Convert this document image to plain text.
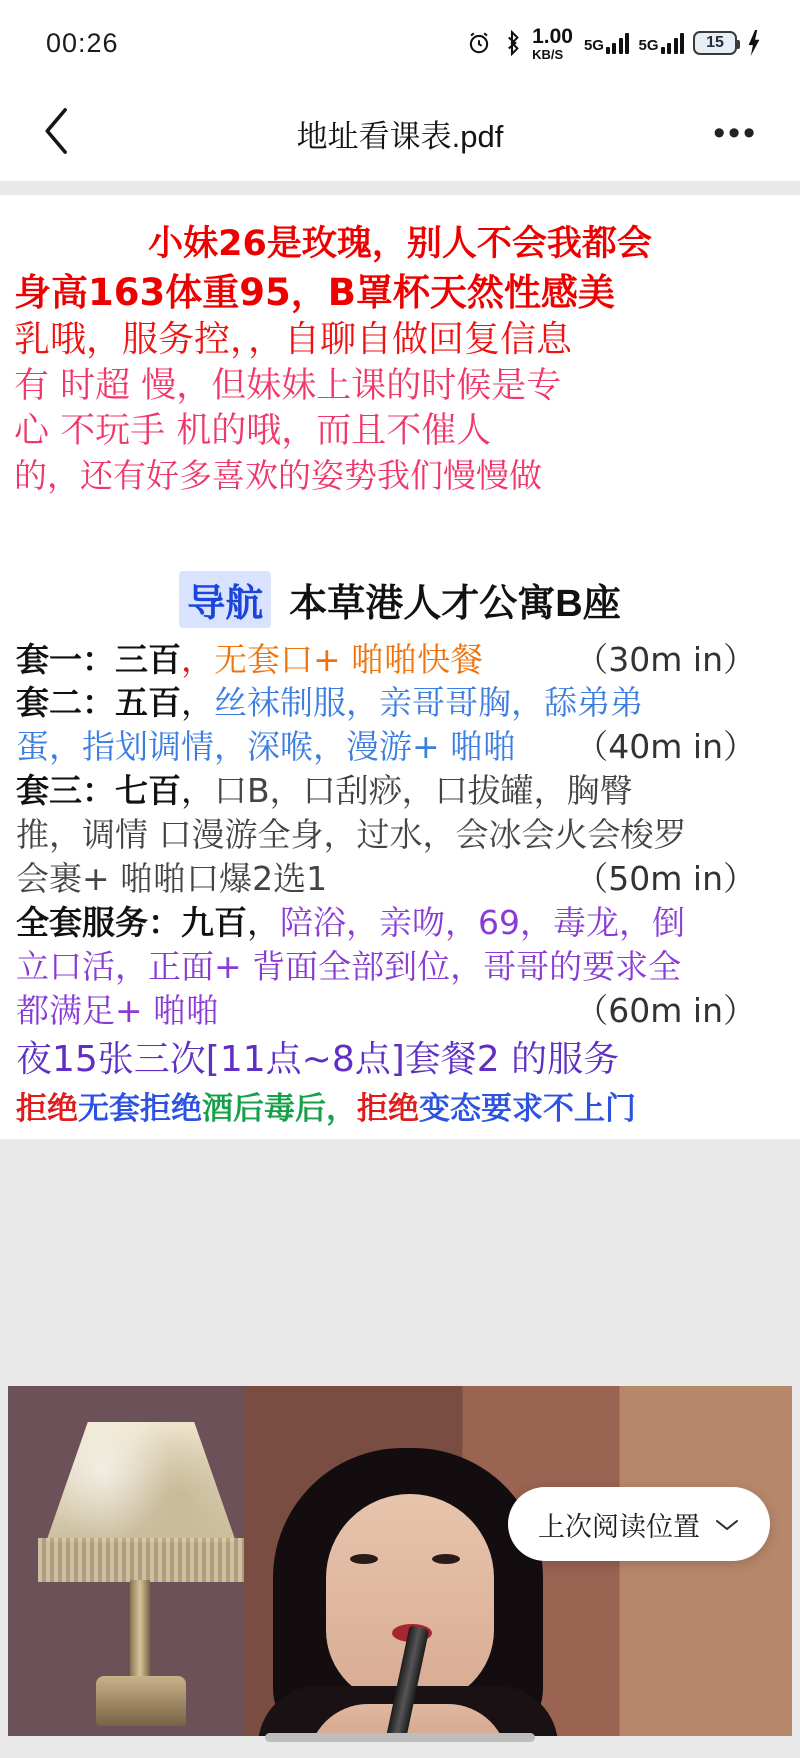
00:26	1.00
KB/S 5G 5G	15
地址看课表.pdf	•••
小妹26是玫瑰，别人不会我都会
身高163体重95，B罩杯天然性感美
乳哦，服务控，，自聊自做回复信息
有 时超 慢，但妹妹上课的时候是专
心 不玩手 机的哦，而且不催人
的，还有好多喜欢的姿势我们慢慢做
导航 本草港人才公寓B座
套一：三百，无套口+ 啪啪快餐	（30m in）
套二：五百，丝袜制服，亲哥哥胸，舔弟弟
蛋，指划调情，深喉，漫游+ 啪啪 （40m in）
套三：七百，口B，口刮痧，口拔罐，胸臀
推，调情 口漫游全身，过水，会冰会火会梭罗
会裹+ 啪啪口爆2选1	（50m in）
全套服务：九百，陪浴，亲吻，69，毒龙，倒
立口活，正面+ 背面全部到位，哥哥的要求全
都满足+ 啪啪	（60m in）
夜15张三次[11点~8点]套餐2 的服务
拒绝无套拒绝酒后毒后，拒绝变态要求不上门
上次阅读位置
